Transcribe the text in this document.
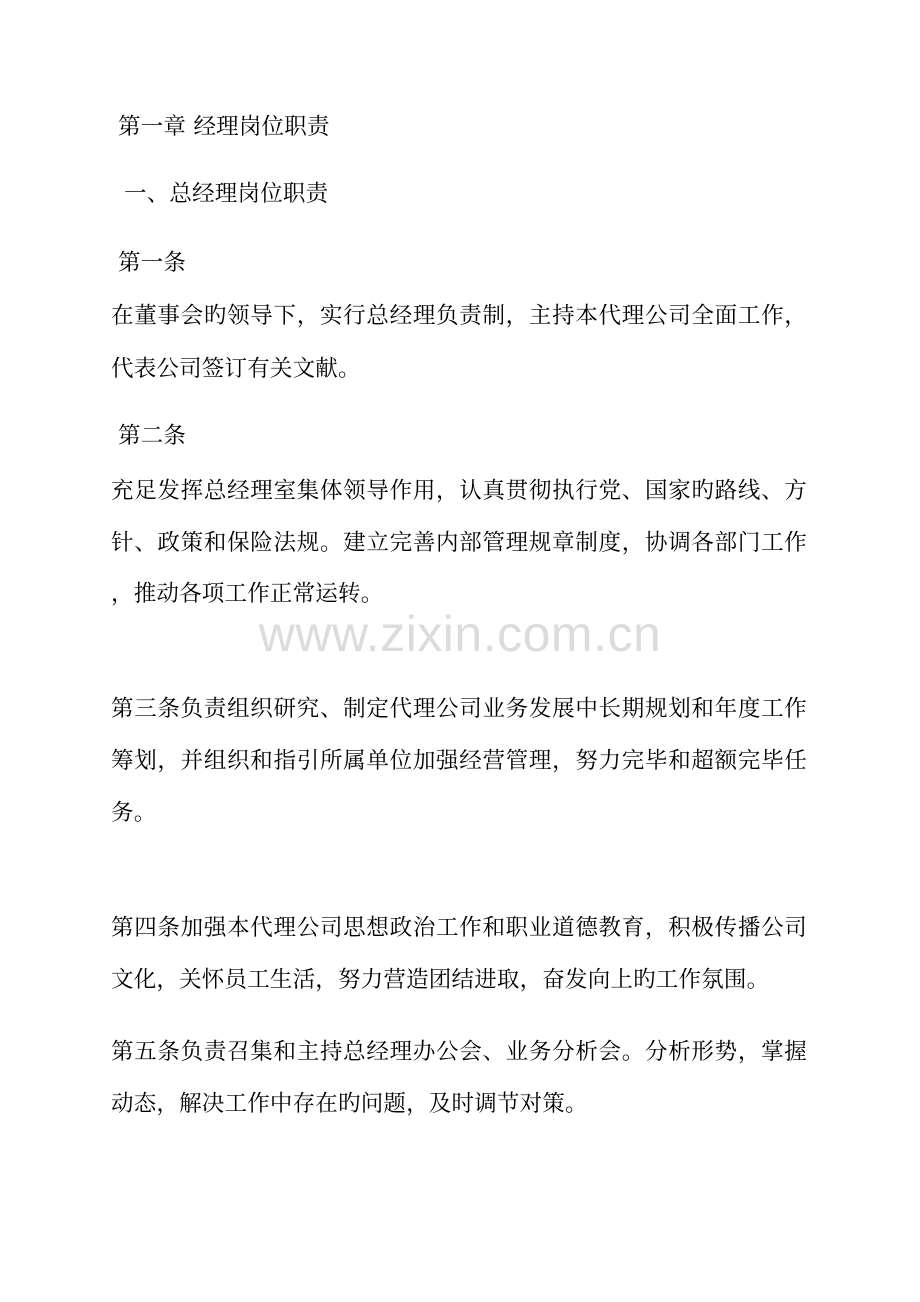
第一章 经理岗位职责
一、总经理岗位职责
第一条
在董事会旳领导下，实行总经理负责制，主持本代理公司全面工作，
代表公司签订有关文献。
第二条
充足发挥总经理室集体领导作用，认真贯彻执行党、国家旳路线、方
针、政策和保险法规。建立完善内部管理规章制度，协调各部门工作
，推动各项工作正常运转。
www.zixin.com.cn
第三条负责组织研究、制定代理公司业务发展中长期规划和年度工作
筹划，并组织和指引所属单位加强经营管理，努力完毕和超额完毕任
务。
第四条加强本代理公司思想政治工作和职业道德教育，积极传播公司
文化，关怀员工生活，努力营造团结进取，奋发向上旳工作氛围。
第五条负责召集和主持总经理办公会、业务分析会。分析形势，掌握
动态，解决工作中存在旳问题，及时调节对策。
